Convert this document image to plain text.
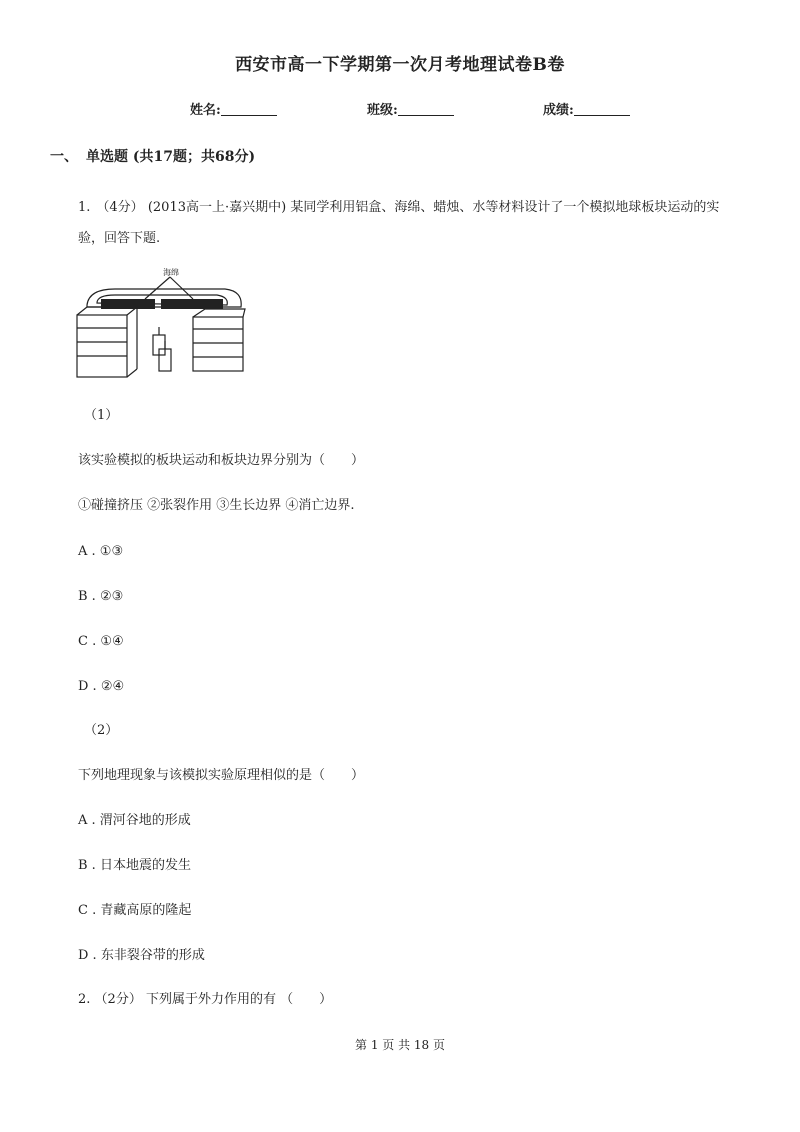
西安市高一下学期第一次月考地理试卷B卷
姓名:	班级:	成绩:
一、 单选题 (共17题；共68分)
1. （4分） (2013高一上·嘉兴期中) 某同学利用铝盒、海绵、蜡烛、水等材料设计了一个模拟地球板块运动的实验，回答下题.
海绵
（1）
该实验模拟的板块运动和板块边界分别为（　　）
①碰撞挤压 ②张裂作用 ③生长边界 ④消亡边界.
A . ①③
B . ②③
C . ①④
D . ②④
（2）
下列地理现象与该模拟实验原理相似的是（　　）
A . 渭河谷地的形成
B . 日本地震的发生
C . 青藏高原的隆起
D . 东非裂谷带的形成
2. （2分） 下列属于外力作用的有 （　　）
第 1 页 共 18 页
